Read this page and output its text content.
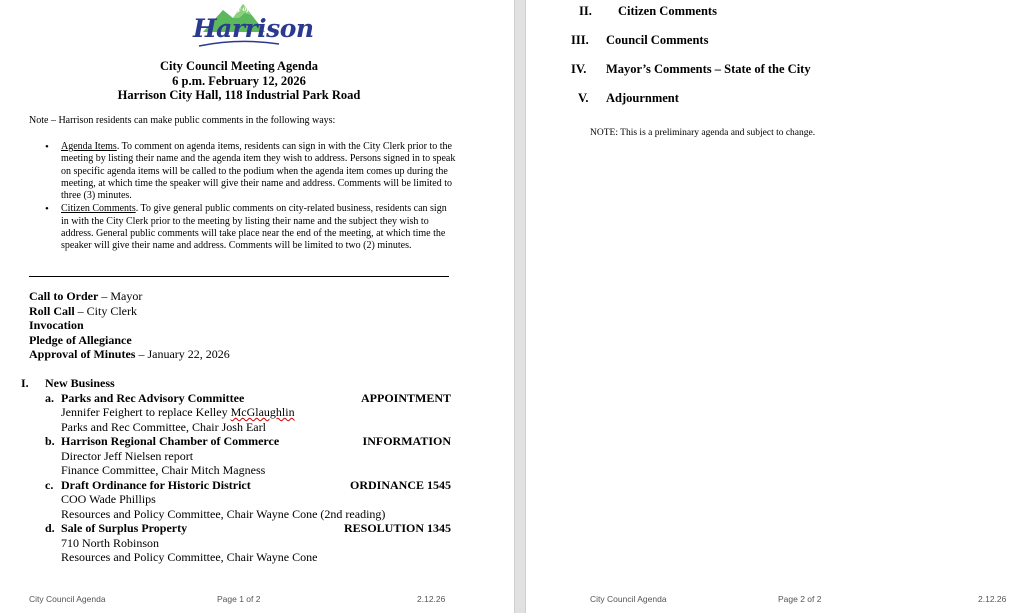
City of
Harrison
City Council Meeting Agenda
6 p.m. February 12, 2026
Harrison City Hall, 118 Industrial Park Road
Note – Harrison residents can make public comments in the following ways:
• Agenda Items. To comment on agenda items, residents can sign in with the City Clerk prior to the meeting by listing their name and the agenda item they wish to address. Persons signed in to speak on specific agenda items will be called to the podium when the agenda item comes up during the meeting, at which time the speaker will give their name and address. Comments will be limited to three (3) minutes.
• Citizen Comments. To give general public comments on city-related business, residents can sign in with the City Clerk prior to the meeting by listing their name and the subject they wish to address. General public comments will take place near the end of the meeting, at which time the speaker will give their name and address. Comments will be limited to two (2) minutes.
Call to Order – Mayor
Roll Call – City Clerk
Invocation
Pledge of Allegiance
Approval of Minutes – January 22, 2026
I.	New Business
a. Parks and Rec Advisory Committee	APPOINTMENT
Jennifer Feighert to replace Kelley McGlaughlin
Parks and Rec Committee, Chair Josh Earl
b. Harrison Regional Chamber of Commerce	INFORMATION
Director Jeff Nielsen report
Finance Committee, Chair Mitch Magness
c. Draft Ordinance for Historic District	ORDINANCE 1545
COO Wade Phillips
Resources and Policy Committee, Chair Wayne Cone (2nd reading)
d. Sale of Surplus Property	RESOLUTION 1345
710 North Robinson
Resources and Policy Committee, Chair Wayne Cone
City Council Agenda	Page 1 of 2	2.12.26
II.	Citizen Comments
III.	Council Comments
IV.	Mayor’s Comments – State of the City
V.	Adjournment
NOTE: This is a preliminary agenda and subject to change.
City Council Agenda	Page 2 of 2	2.12.26
